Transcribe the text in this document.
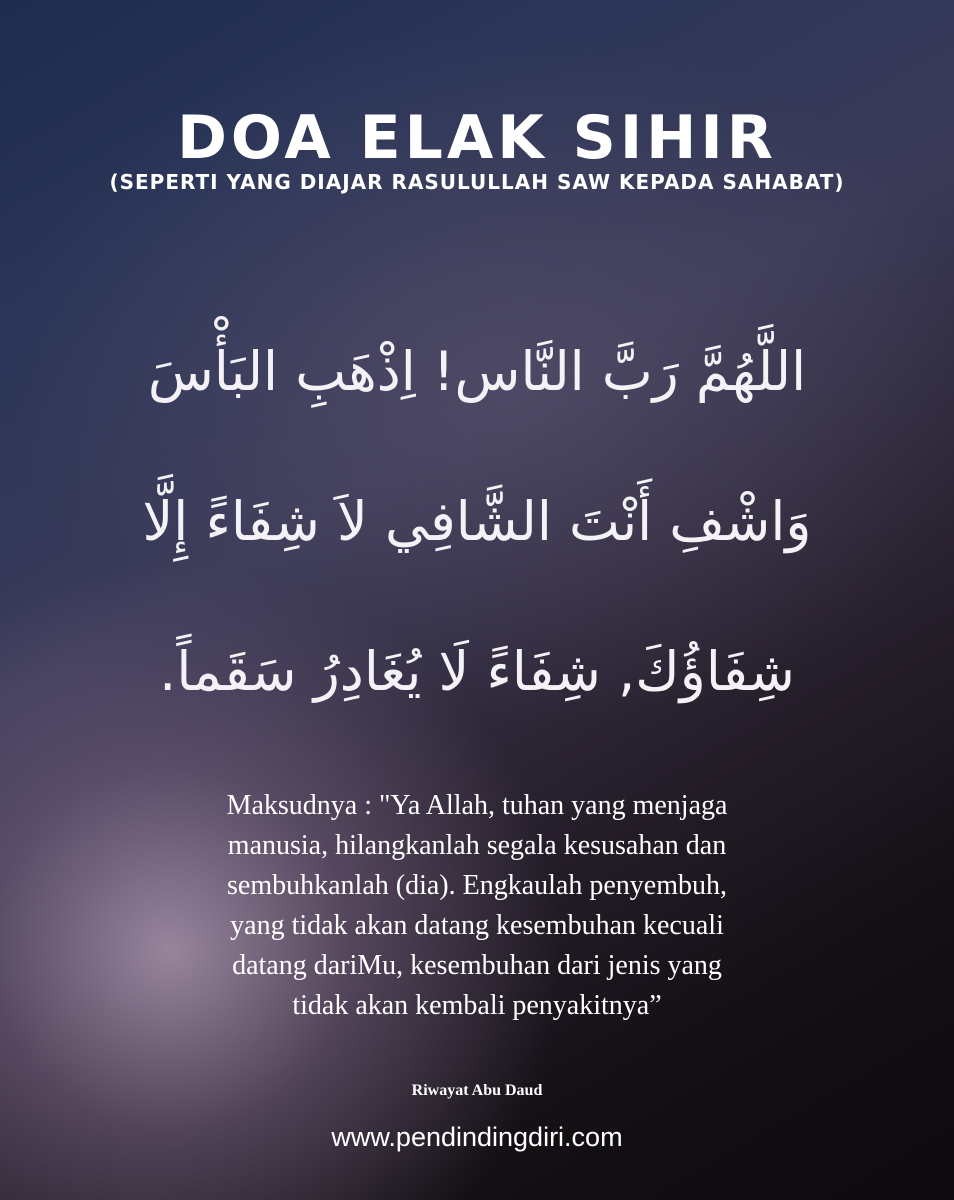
DOA ELAK SIHIR
(SEPERTI YANG DIAJAR RASULULLAH SAW KEPADA SAHABAT)
اللَّهُمَّ رَبَّ النَّاس! اِذْهَبِ البَأْسَ
وَاشْفِ أَنْتَ الشَّافِي لاَ شِفَاءً إِلَّا
شِفَاؤُكَ, شِفَاءً لَا يُغَادِرُ سَقَماً.
Maksudnya : "Ya Allah, tuhan yang menjaga
manusia, hilangkanlah segala kesusahan dan
sembuhkanlah (dia). Engkaulah penyembuh,
yang tidak akan datang kesembuhan kecuali
datang dariMu, kesembuhan dari jenis yang
tidak akan kembali penyakitnya”
Riwayat Abu Daud
www.pendindingdiri.com
